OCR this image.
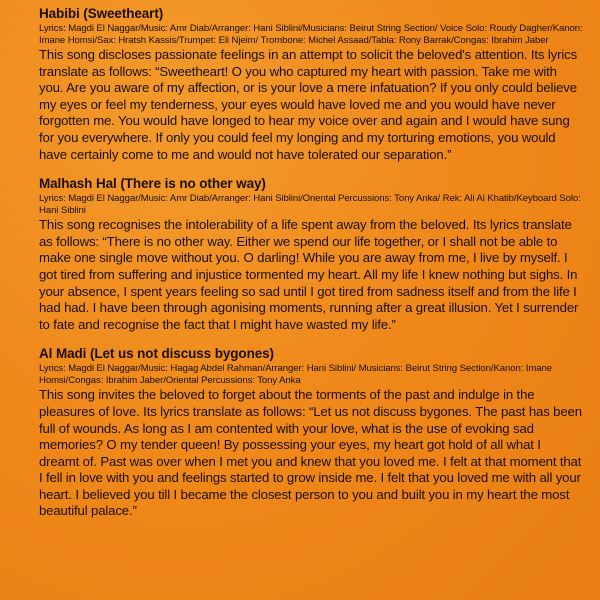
Habibi (Sweetheart)

Lyrics: Magdi El Naggar/Music: Amr Diab/Arranger: Hani Siblini/Musicians: Beirut String Section/ Voice Solo: Roudy Dagher/Kanon: Imane Homsi/Sax: Hratsh Kassis/Trumpet: Eli Njeim/ Trombone: Michel Assaad/Tabla: Rony Barrak/Congas: Ibrahim Jaber

This song discloses passionate feelings in an attempt to solicit the beloved's attention. Its lyrics translate as follows: “Sweetheart! O you who captured my heart with passion. Take me with you. Are you aware of my affection, or is your love a mere infatuation? If you only could believe my eyes or feel my tenderness, your eyes would have loved me and you would have never forgotten me. You would have longed to hear my voice over and again and I would have sung for you everywhere. If only you could feel my longing and my torturing emotions, you would have certainly come to me and would not have tolerated our separation.”

Malhash Hal (There is no other way)

Lyrics: Magdi El Naggar/Music: Amr Diab/Arranger: Hani Siblini/Oriental Percussions: Tony Anka/ Rek: Ali Al Khatib/Keyboard Solo: Hani Siblini

This song recognises the intolerability of a life spent away from the beloved. Its lyrics translate as follows: “There is no other way. Either we spend our life together, or I shall not be able to make one single move without you. O darling! While you are away from me, I live by myself. I got tired from suffering and injustice tormented my heart. All my life I knew nothing but sighs. In your absence, I spent years feeling so sad until I got tired from sadness itself and from the life I had had. I have been through agonising moments, running after a great illusion. Yet I surrender to fate and recognise the fact that I might have wasted my life.”

Al Madi (Let us not discuss bygones)

Lyrics: Magdi El Naggar/Music: Hagag Abdel Rahman/Arranger: Hani Siblini/ Musicians: Beirut String Section/Kanon: Imane Homsi/Congas: Ibrahim Jaber/Oriental Percussions: Tony Anka

This song invites the beloved to forget about the torments of the past and indulge in the pleasures of love. Its lyrics translate as follows: “Let us not discuss bygones. The past has been full of wounds. As long as I am contented with your love, what is the use of evoking sad memories? O my tender queen! By possessing your eyes, my heart got hold of all what I dreamt of. Past was over when I met you and knew that you loved me. I felt at that moment that I fell in love with you and feelings started to grow inside me. I felt that you loved me with all your heart. I believed you till I became the closest person to you and built you in my heart the most beautiful palace.”
